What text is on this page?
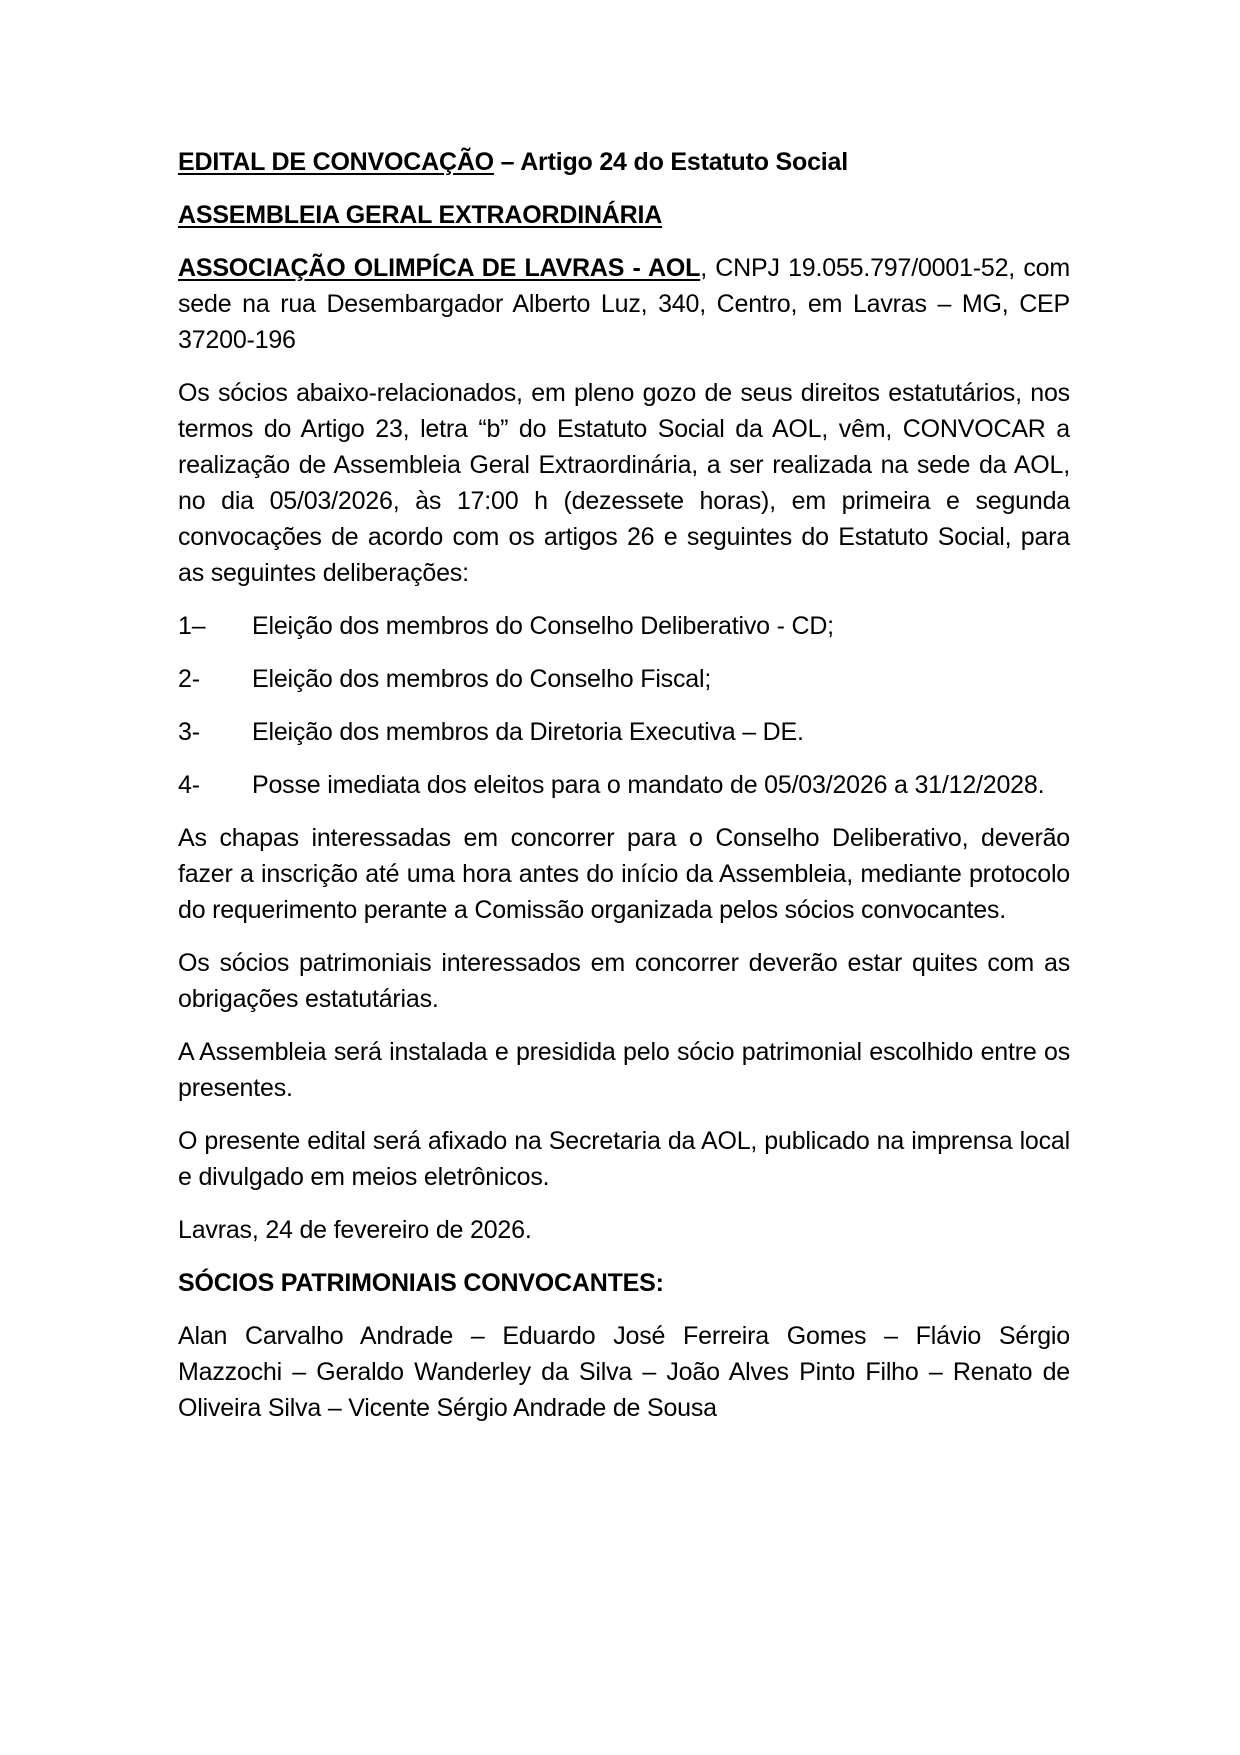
EDITAL DE CONVOCAÇÃO – Artigo 24 do Estatuto Social

ASSEMBLEIA GERAL EXTRAORDINÁRIA

ASSOCIAÇÃO OLIMPÍCA DE LAVRAS - AOL, CNPJ 19.055.797/0001-52, com sede na rua Desembargador Alberto Luz, 340, Centro, em Lavras – MG, CEP 37200-196

Os sócios abaixo-relacionados, em pleno gozo de seus direitos estatutários, nos termos do Artigo 23, letra “b” do Estatuto Social da AOL, vêm, CONVOCAR a realização de Assembleia Geral Extraordinária, a ser realizada na sede da AOL, no dia 05/03/2026, às 17:00 h (dezessete horas), em primeira e segunda convocações de acordo com os artigos 26 e seguintes do Estatuto Social, para as seguintes deliberações:

1–	Eleição dos membros do Conselho Deliberativo - CD;
2-	Eleição dos membros do Conselho Fiscal;
3-	Eleição dos membros da Diretoria Executiva – DE.

4- Posse imediata dos eleitos para o mandato de 05/03/2026 a 31/12/2028.

As chapas interessadas em concorrer para o Conselho Deliberativo, deverão fazer a inscrição até uma hora antes do início da Assembleia, mediante protocolo do requerimento perante a Comissão organizada pelos sócios convocantes.

Os sócios patrimoniais interessados em concorrer deverão estar quites com as obrigações estatutárias.

A Assembleia será instalada e presidida pelo sócio patrimonial escolhido entre os presentes.

O presente edital será afixado na Secretaria da AOL, publicado na imprensa local e divulgado em meios eletrônicos.

Lavras, 24 de fevereiro de 2026.

SÓCIOS PATRIMONIAIS CONVOCANTES:

Alan Carvalho Andrade – Eduardo José Ferreira Gomes – Flávio Sérgio Mazzochi – Geraldo Wanderley da Silva – João Alves Pinto Filho – Renato de Oliveira Silva – Vicente Sérgio Andrade de Sousa
